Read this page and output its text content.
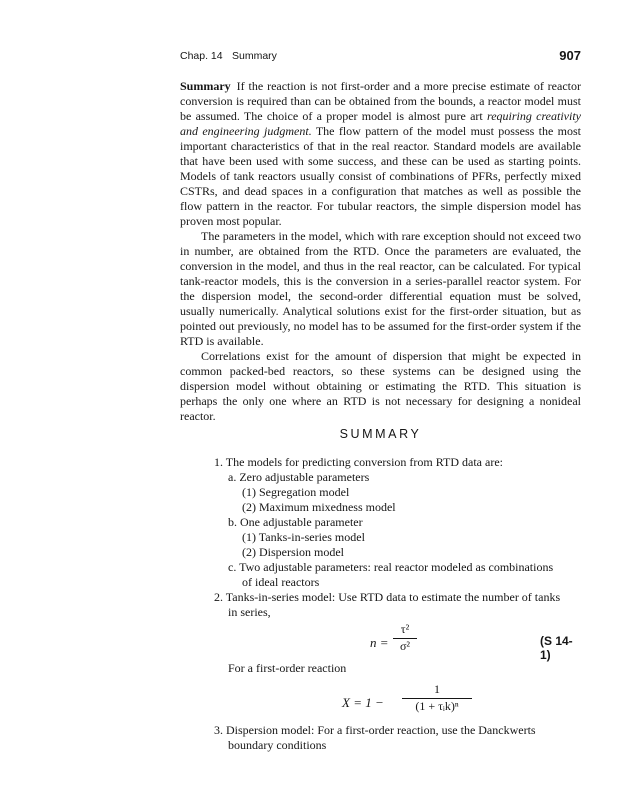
Chap. 14 Summary	907

Summary If the reaction is not first-order and a more precise estimate of reactor conversion is required than can be obtained from the bounds, a reactor model must be assumed. The choice of a proper model is almost pure art requiring creativity and engineering judgment. The flow pattern of the model must possess the most important characteristics of that in the real reactor. Standard models are available that have been used with some success, and these can be used as starting points. Models of tank reactors usually consist of combinations of PFRs, perfectly mixed CSTRs, and dead spaces in a configuration that matches as well as possible the flow pattern in the reactor. For tubular reactors, the simple dispersion model has proven most popular.

The parameters in the model, which with rare exception should not exceed two in number, are obtained from the RTD. Once the parameters are evaluated, the conversion in the model, and thus in the real reactor, can be calculated. For typical tank-reactor models, this is the conversion in a series-parallel reactor system. For the dispersion model, the second-order differential equation must be solved, usually numerically. Analytical solutions exist for the first-order situation, but as pointed out previously, no model has to be assumed for the first-order system if the RTD is available.

Correlations exist for the amount of dispersion that might be expected in common packed-bed reactors, so these systems can be designed using the dispersion model without obtaining or estimating the RTD. This situation is perhaps the only one where an RTD is not necessary for designing a nonideal reactor.

SUMMARY
1. The models for predicting conversion from RTD data are:
a. Zero adjustable parameters
(1) Segregation model
(2) Maximum mixedness model
b. One adjustable parameter
(1) Tanks-in-series model
(2) Dispersion model
c. Two adjustable parameters: real reactor modeled as combinations
of ideal reactors
2. Tanks-in-series model: Use RTD data to estimate the number of tanks
in series,
n =
τ²
σ²	(S 14-1)
For a first-order reaction
X = 1 −
1
(1 + τᵢk)ⁿ
3. Dispersion model: For a first-order reaction, use the Danckwerts
boundary conditions
